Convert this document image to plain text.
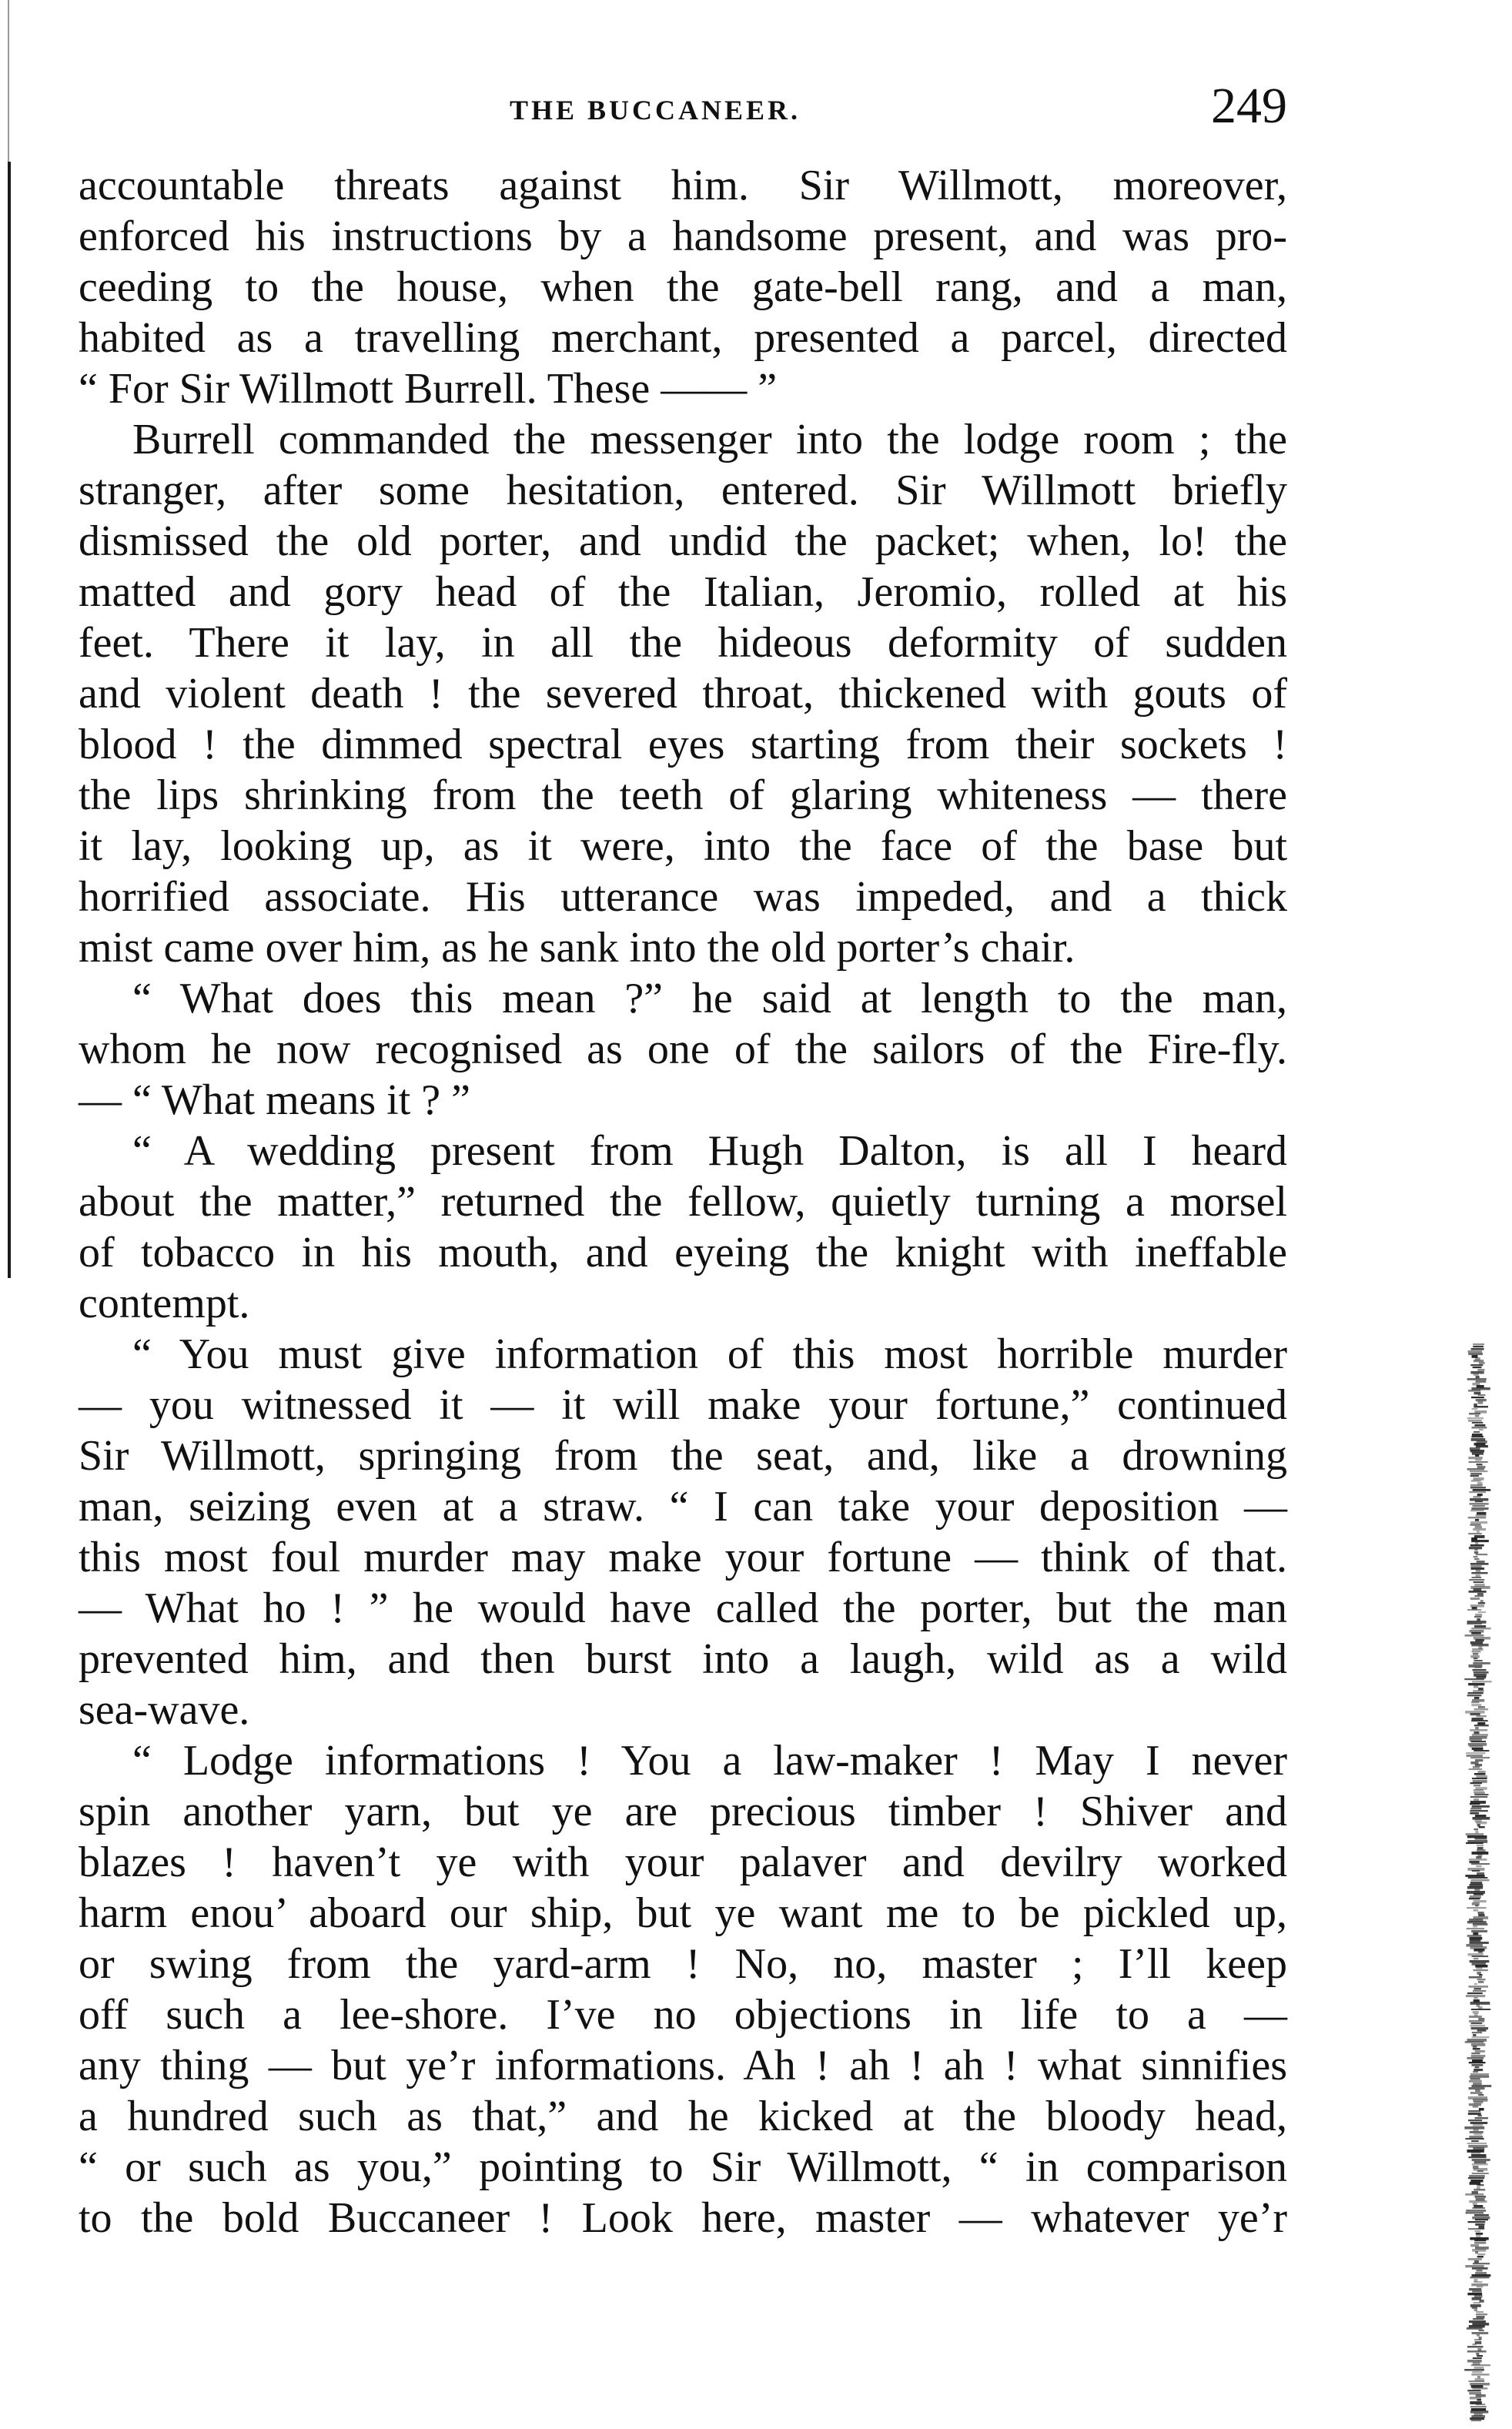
THE BUCCANEER.	249
accountable threats against him. Sir Willmott, moreover,
enforced his instructions by a handsome present, and was pro-
ceeding to the house, when the gate-bell rang, and a man,
habited as a travelling merchant, presented a parcel, directed
“ For Sir Willmott Burrell. These —— ”
Burrell commanded the messenger into the lodge room ; the
stranger, after some hesitation, entered. Sir Willmott briefly
dismissed the old porter, and undid the packet; when, lo! the
matted and gory head of the Italian, Jeromio, rolled at his
feet. There it lay, in all the hideous deformity of sudden
and violent death ! the severed throat, thickened with gouts of
blood ! the dimmed spectral eyes starting from their sockets !
the lips shrinking from the teeth of glaring whiteness — there
it lay, looking up, as it were, into the face of the base but
horrified associate. His utterance was impeded, and a thick
mist came over him, as he sank into the old porter’s chair.
“ What does this mean ?” he said at length to the man,
whom he now recognised as one of the sailors of the Fire-fly.
— “ What means it ? ”
“ A wedding present from Hugh Dalton, is all I heard
about the matter,” returned the fellow, quietly turning a morsel
of tobacco in his mouth, and eyeing the knight with ineffable
contempt.
“ You must give information of this most horrible murder
— you witnessed it — it will make your fortune,” continued
Sir Willmott, springing from the seat, and, like a drowning
man, seizing even at a straw. “ I can take your deposition —
this most foul murder may make your fortune — think of that.
— What ho ! ” he would have called the porter, but the man
prevented him, and then burst into a laugh, wild as a wild
sea-wave.
“ Lodge informations ! You a law-maker ! May I never
spin another yarn, but ye are precious timber ! Shiver and
blazes ! haven’t ye with your palaver and devilry worked
harm enou’ aboard our ship, but ye want me to be pickled up,
or swing from the yard-arm ! No, no, master ; I’ll keep
off such a lee-shore. I’ve no objections in life to a —
any thing — but ye’r informations. Ah ! ah ! ah ! what sinnifies
a hundred such as that,” and he kicked at the bloody head,
“ or such as you,” pointing to Sir Willmott, “ in comparison
to the bold Buccaneer ! Look here, master — whatever ye’r
